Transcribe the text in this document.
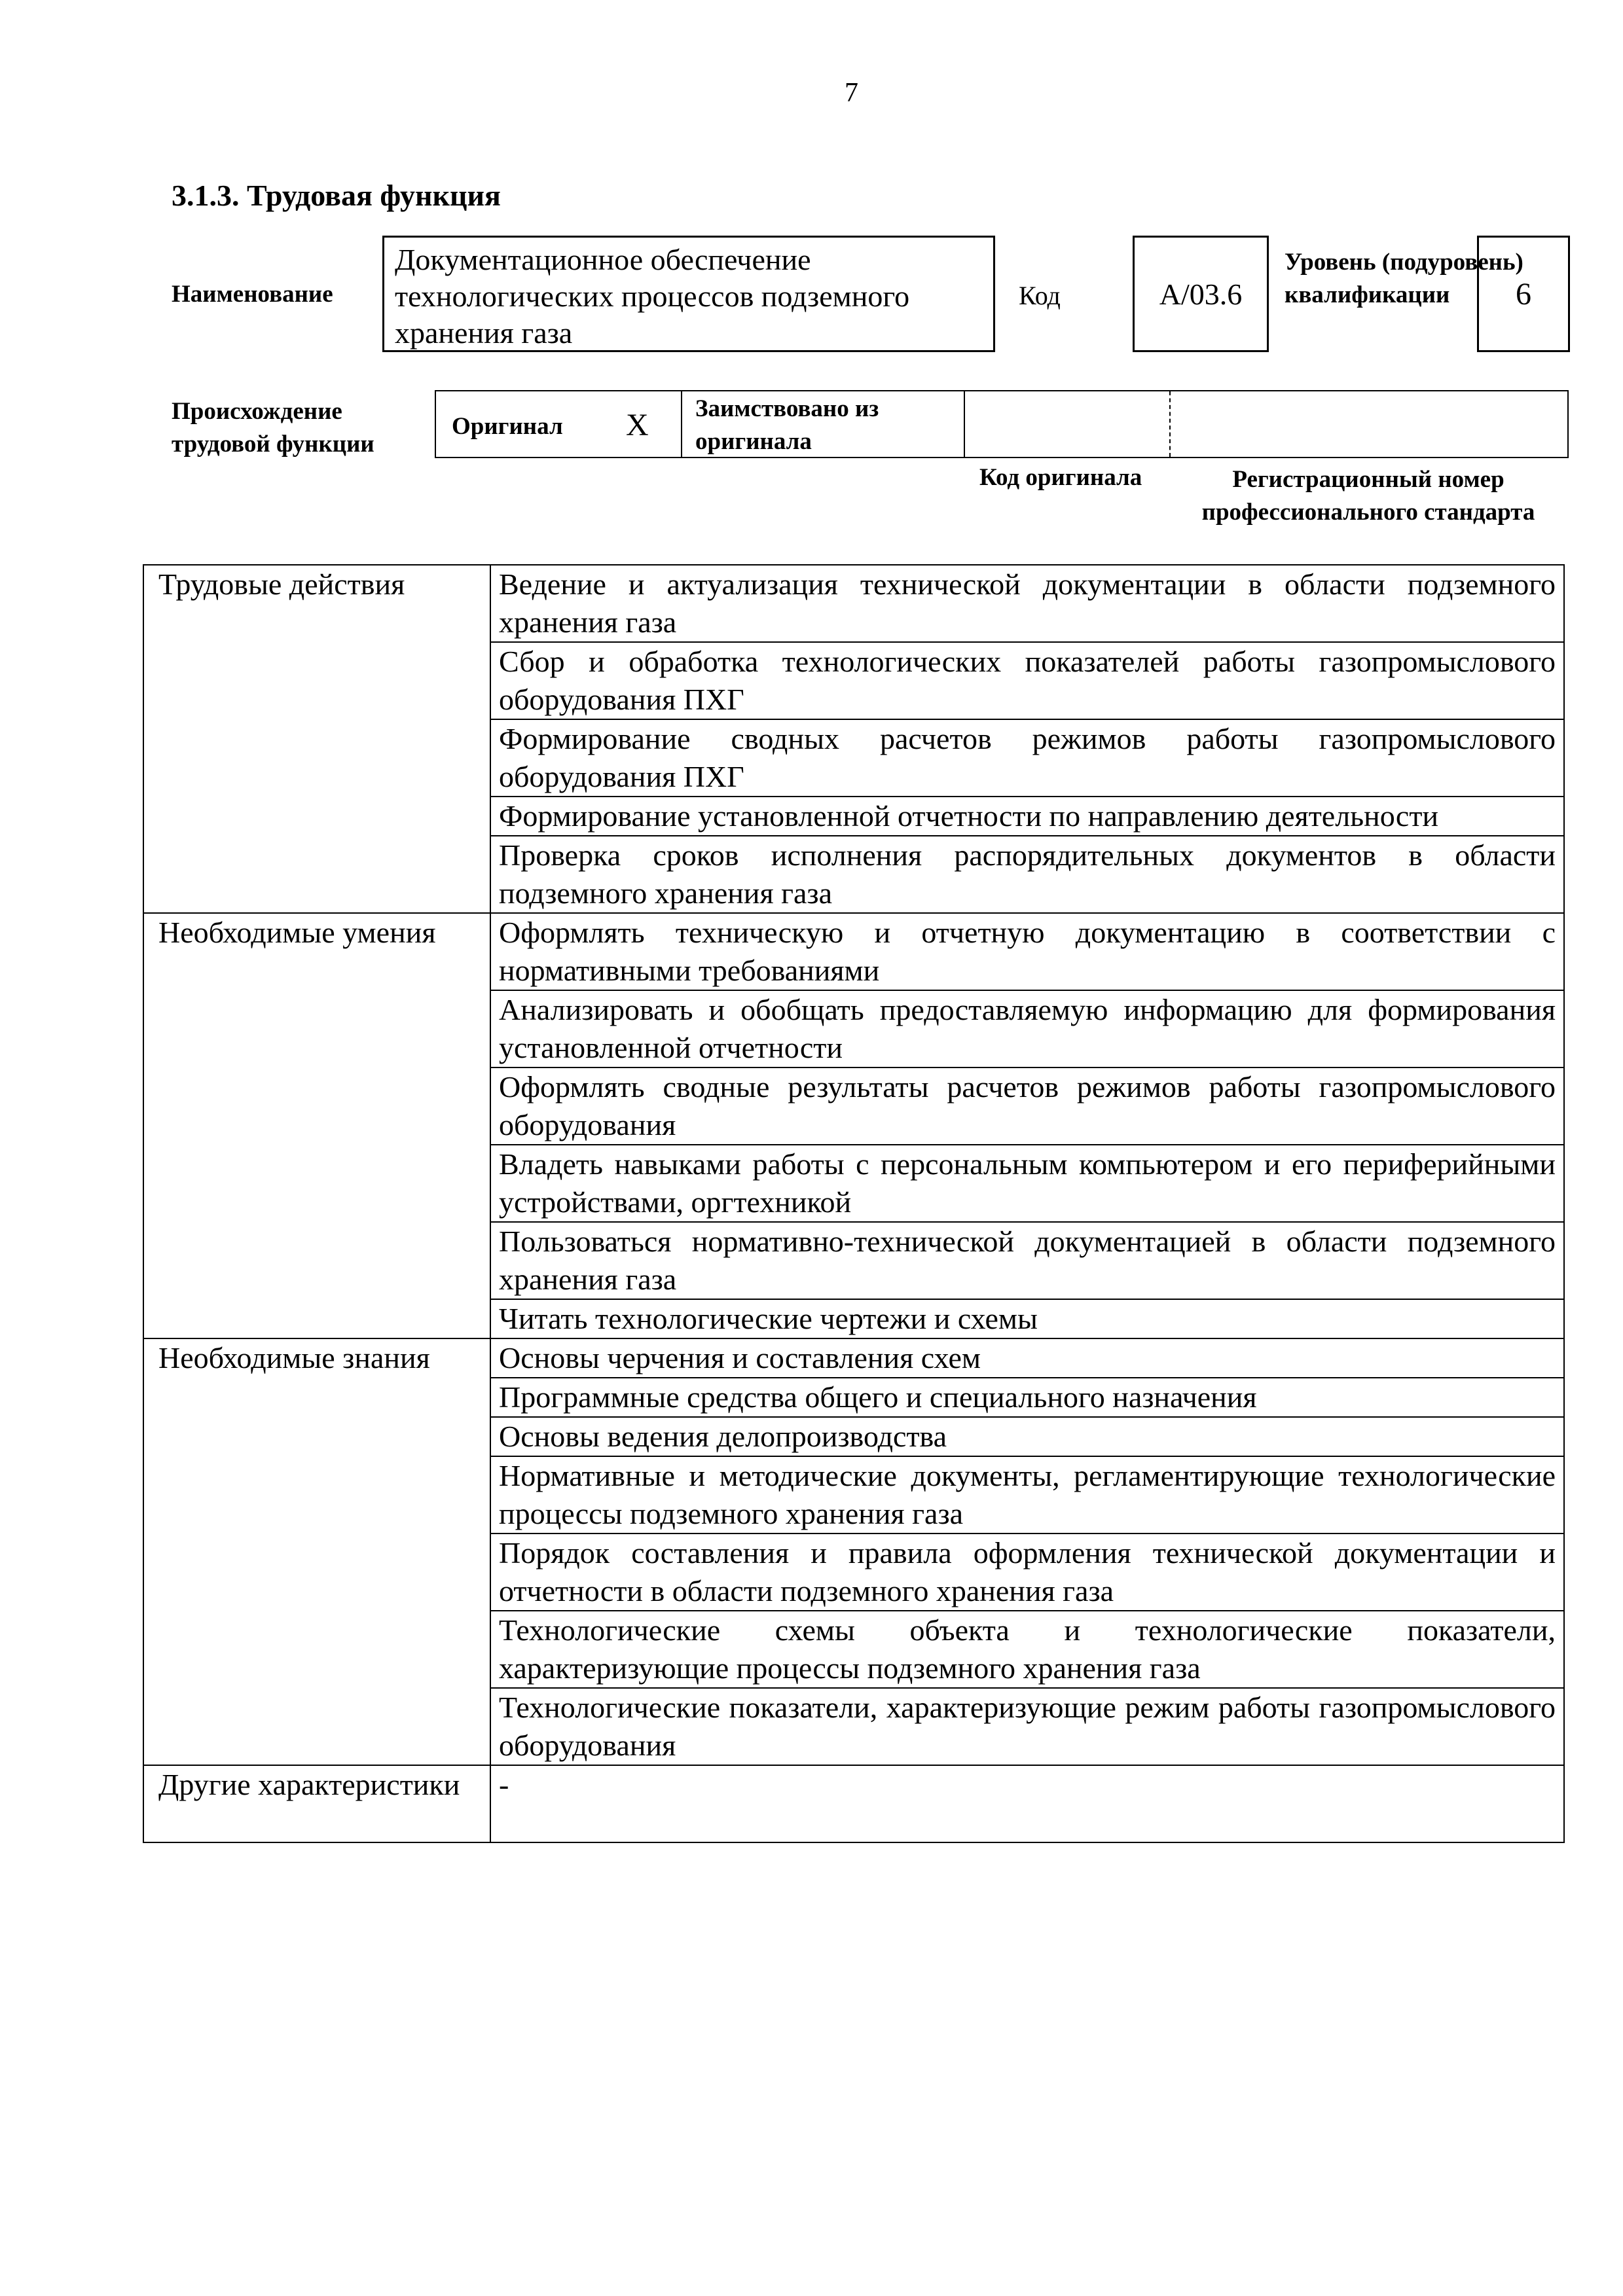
7
3.1.3. Трудовая функция
Наименование
Документационное обеспечение технологических процессов подземного хранения газа
Код	A/03.6
Уровень (подуровень) квалификации	6
Происхождение трудовой функции
Оригинал X	Заимствовано из оригинала
Код оригинала	Регистрационный номер профессионального стандарта
Трудовые действия	Ведение и актуализация технической документации в области подземного хранения газа
	Сбор и обработка технологических показателей работы газопромыслового оборудования ПХГ
	Формирование сводных расчетов режимов работы газопромыслового оборудования ПХГ
	Формирование установленной отчетности по направлению деятельности
	Проверка сроков исполнения распорядительных документов в области подземного хранения газа
Необходимые умения	Оформлять техническую и отчетную документацию в соответствии с нормативными требованиями
	Анализировать и обобщать предоставляемую информацию для формирования установленной отчетности
	Оформлять сводные результаты расчетов режимов работы газопромыслового оборудования
	Владеть навыками работы с персональным компьютером и его периферийными устройствами, оргтехникой
	Пользоваться нормативно-технической документацией в области подземного хранения газа
	Читать технологические чертежи и схемы
Необходимые знания	Основы черчения и составления схем
	Программные средства общего и специального назначения
	Основы ведения делопроизводства
	Нормативные и методические документы, регламентирующие технологические процессы подземного хранения газа
	Порядок составления и правила оформления технической документации и отчетности в области подземного хранения газа
	Технологические схемы объекта и технологические показатели, характеризующие процессы подземного хранения газа
	Технологические показатели, характеризующие режим работы газопромыслового оборудования
Другие характеристики	-
